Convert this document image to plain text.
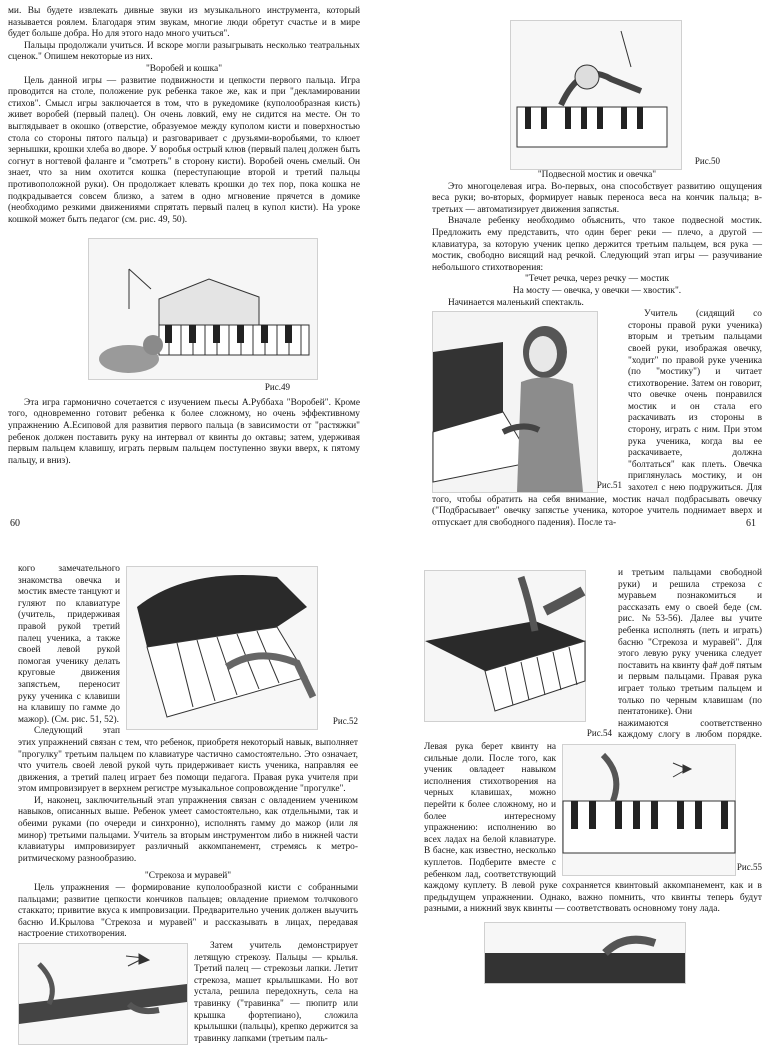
ми. Вы будете извлекать дивные звуки из музыкального инструмента, который называется роялем. Благодаря этим звукам, многие люди обретут счастье и в мире будет больше добра. Но для этого надо много учиться".

Пальцы продолжали учиться. И вскоре могли разыгрывать несколько театральных сценок." Опишем некоторые из них.

"Воробей и кошка"

Цель данной игры — развитие подвижности и цепкости первого пальца. Игра проводится на столе, положение рук ребенка такое же, как и при "декламировании стихов". Смысл игры заключается в том, что в рукедомике (куполообразная кисть) живет воробей (первый палец). Он очень ловкий, ему не сидится на месте. Он то выглядывает в окошко (отверстие, образуемое между куполом кисти и поверхностью стола со стороны пятого пальца) и разговаривает с друзьями-воробьями, то клюет зернышки, крошки хлеба во дворе. У воробья острый клюв (первый палец должен быть согнут в ногтевой фаланге и "смотреть" в сторону кисти). Воробей очень смелый. Он знает, что за ним охотится кошка (переступающие второй и третий пальцы противоположной руки). Он продолжает клевать крошки до тех пор, пока кошка не подкрадывается совсем близко, а затем в одно мгновение прячется в домике (необходимо резкими движениями спрятать первый палец в купол кисти). На уроке кошкой может быть педагог (см. рис. 49, 50).

Рис.49

Эта игра гармонично сочетается с изучением пьесы А.Руббаха "Воробей". Кроме того, одновременно готовит ребенка к более сложному, но очень эффективному упражнению А.Есиповой для развития первого пальца (в зависимости от "растяжки" ребенок должен поставить руку на интервал от квинты до октавы; затем, удерживая первым пальцем клавишу, играть первым пальцем поступенно звуки вверх, к пятому пальцу, и вниз).

60
Рис.50

"Подвесной мостик и овечка"

Это многоцелевая игра. Во-первых, она способствует развитию ощущения веса руки; во-вторых, формирует навык переноса веса на кончик пальца; в-третьих — автоматизирует движения запястья.

Вначале ребенку необходимо объяснить, что такое подвесной мостик. Предложить ему представить, что один берег реки — плечо, а другой — клавиатура, за которую ученик цепко держится третьим пальцем, вся рука — мостик, свободно висящий над речкой. Следующий этап игры — разучивание небольшого стихотворения:

"Течет речка, через речку — мостик

На мосту — овечка, у овечки — хвостик".

Начинается маленький спектакль.

Рис.51

Учитель (сидящий со стороны правой руки ученика) вторым и третьим пальцами своей руки, изображая овечку, "ходит" по правой руке ученика (по "мостику") и читает стихотворение. Затем он говорит, что овечке очень понравился мостик и он стала его раскачивать из стороны в сторону, играть с ним. При этом рука ученика, когда вы ее раскачиваете, должна "болтаться" как плеть. Овечка приглянулась мостику, и он захотел с нею подружиться. Для того, чтобы обратить на себя внимание, мостик начал подбрасывать овечку ("Подбрасывает" овечку запястье ученика, которое учитель поднимает вверх и отпускает для свободного падения). После та-	61
Рис.52

кого замечательного знакомства овечка и мостик вместе танцуют и гуляют по клавиатуре (учитель, придерживая правой рукой третий палец ученика, а также своей левой рукой помогая ученику делать круговые движения запястьем, переносит руку ученика с клавиши на клавишу по гамме до мажор). (См. рис. 51, 52).

Следующий этап этих упражнений связан с тем, что ребенок, приобретя некоторый навык, выполняет "прогулку" третьим пальцем по клавиатуре частично самостоятельно. Это означает, что учитель своей левой рукой чуть придерживает кисть ученика, направляя ее движения, а третий палец играет без помощи педагога. Правая рука учителя при этом импровизирует в верхнем регистре музыкальное сопровождение "прогулке".

И, наконец, заключительный этап упражнения связан с овладением учеником навыков, описанных выше. Ребенок умеет самостоятельно, как отдельными, так и обеими руками (по очереди и синхронно), исполнять гамму до мажор (или ля минор) третьими пальцами. Учитель за вторым инструментом либо в нижней части клавиатуры импровизирует различный аккомпанемент, стремясь к метро-ритмическому разнообразию.

"Стрекоза и муравей"

Цель упражнения — формирование куполообразной кисти с собранными пальцами; развитие цепкости кончиков пальцев; овладение приемом толчкового стаккато; привитие вкуса к импровизации. Предварительно ученик должен выучить басню И.Крылова "Стрекоза и муравей" и рассказывать в лицах, передавая настроение стихотворения.

Затем учитель демонстрирует летящую стрекозу. Пальцы — крылья. Третий палец — стрекозьи лапки. Летит стрекоза, машет крылышками. Но вот устала, решила передохнуть, села на травинку ("травинка" — пюпитр или крышка фортепиано), сложила крылышки (пальцы), крепко держится за травинку лапками (третьим паль-

Рис.54

и третьим пальцами свободной руки) и решила стрекоза с муравьем познакомиться и рассказать ему о своей беде (см. рис. №53-56). Далее вы учите ребенка исполнять (петь и играть) басню "Стрекоза и муравей". Для этого левую руку ученика следует поставить на квинту фа# до# пятым и первым пальцами. Правая рука играет только третьим пальцем и только по черным клавишам (по пентатонике). Они

Рис.55

нажимаются соответственно каждому слогу в любом порядке. Левая рука берет квинту на сильные доли. После того, как ученик овладеет навыком исполнения стихотворения на черных клавишах, можно перейти к более сложному, но и более интересному упражнению: исполнению во всех ладах на белой клавиатуре. В басне, как известно, несколько куплетов. Подберите вместе с ребенком лад, соответствующий каждому куплету. В левой руке сохраняется квинтовый аккомпанемент, как и в предыдущем упражнении. Однако, важно помнить, что квинты теперь будут разными, а нижний звук квинты — соответствовать основному тону лада.
